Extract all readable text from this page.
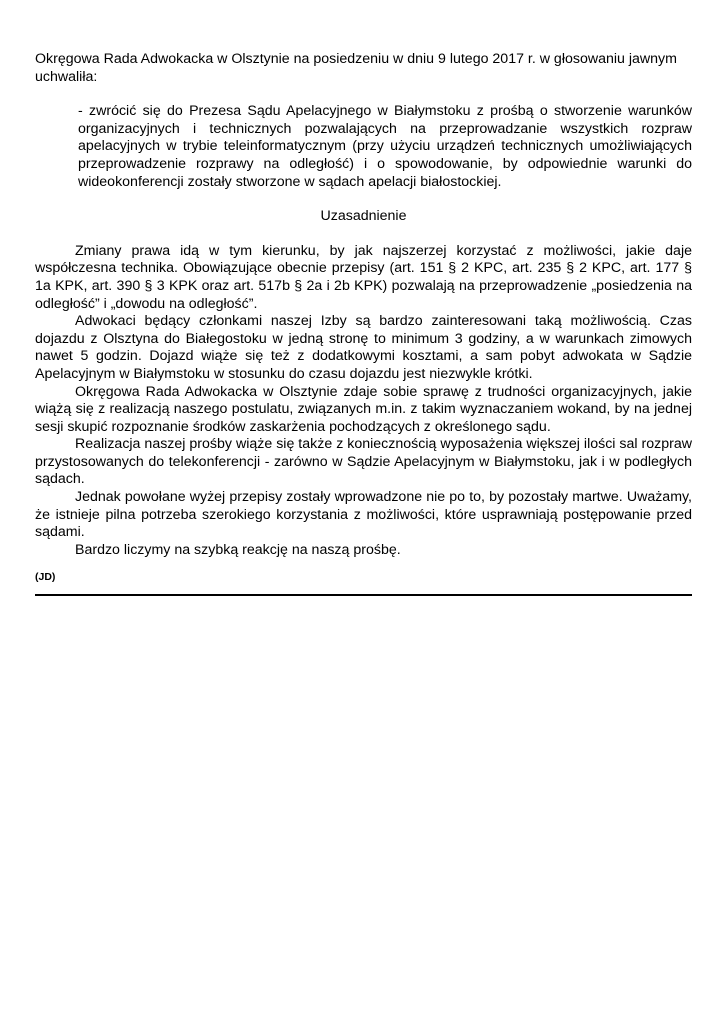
Okręgowa Rada Adwokacka w Olsztynie na posiedzeniu w dniu 9 lutego 2017 r. w głosowaniu jawnym uchwaliła:

- zwrócić się do Prezesa Sądu Apelacyjnego w Białymstoku z prośbą o stworzenie warunków organizacyjnych i technicznych pozwalających na przeprowadzanie wszystkich rozpraw apelacyjnych w trybie teleinformatycznym (przy użyciu urządzeń technicznych umożliwiających przeprowadzenie rozprawy na odległość) i o spowodowanie, by odpowiednie warunki do wideokonferencji zostały stworzone w sądach apelacji białostockiej.

Uzasadnienie

Zmiany prawa idą w tym kierunku, by jak najszerzej korzystać z możliwości, jakie daje współczesna technika. Obowiązujące obecnie przepisy (art. 151 § 2 KPC, art. 235 § 2 KPC, art. 177 § 1a KPK, art. 390 § 3 KPK oraz art. 517b § 2a i 2b KPK) pozwalają na przeprowadzenie „posiedzenia na odległość” i „dowodu na odległość”.

Adwokaci będący członkami naszej Izby są bardzo zainteresowani taką możliwością. Czas dojazdu z Olsztyna do Białegostoku w jedną stronę to minimum 3 godziny, a w warunkach zimowych nawet 5 godzin. Dojazd wiąże się też z dodatkowymi kosztami, a sam pobyt adwokata w Sądzie Apelacyjnym w Białymstoku w stosunku do czasu dojazdu jest niezwykle krótki.

Okręgowa Rada Adwokacka w Olsztynie zdaje sobie sprawę z trudności organizacyjnych, jakie wiążą się z realizacją naszego postulatu, związanych m.in. z takim wyznaczaniem wokand, by na jednej sesji skupić rozpoznanie środków zaskarżenia pochodzących z określonego sądu.

Realizacja naszej prośby wiąże się także z koniecznością wyposażenia większej ilości sal rozpraw przystosowanych do telekonferencji - zarówno w Sądzie Apelacyjnym w Białymstoku, jak i w podległych sądach.

Jednak powołane wyżej przepisy zostały wprowadzone nie po to, by pozostały martwe. Uważamy, że istnieje pilna potrzeba szerokiego korzystania z możliwości, które usprawniają postępowanie przed sądami.

Bardzo liczymy na szybką reakcję na naszą prośbę.

(JD)
